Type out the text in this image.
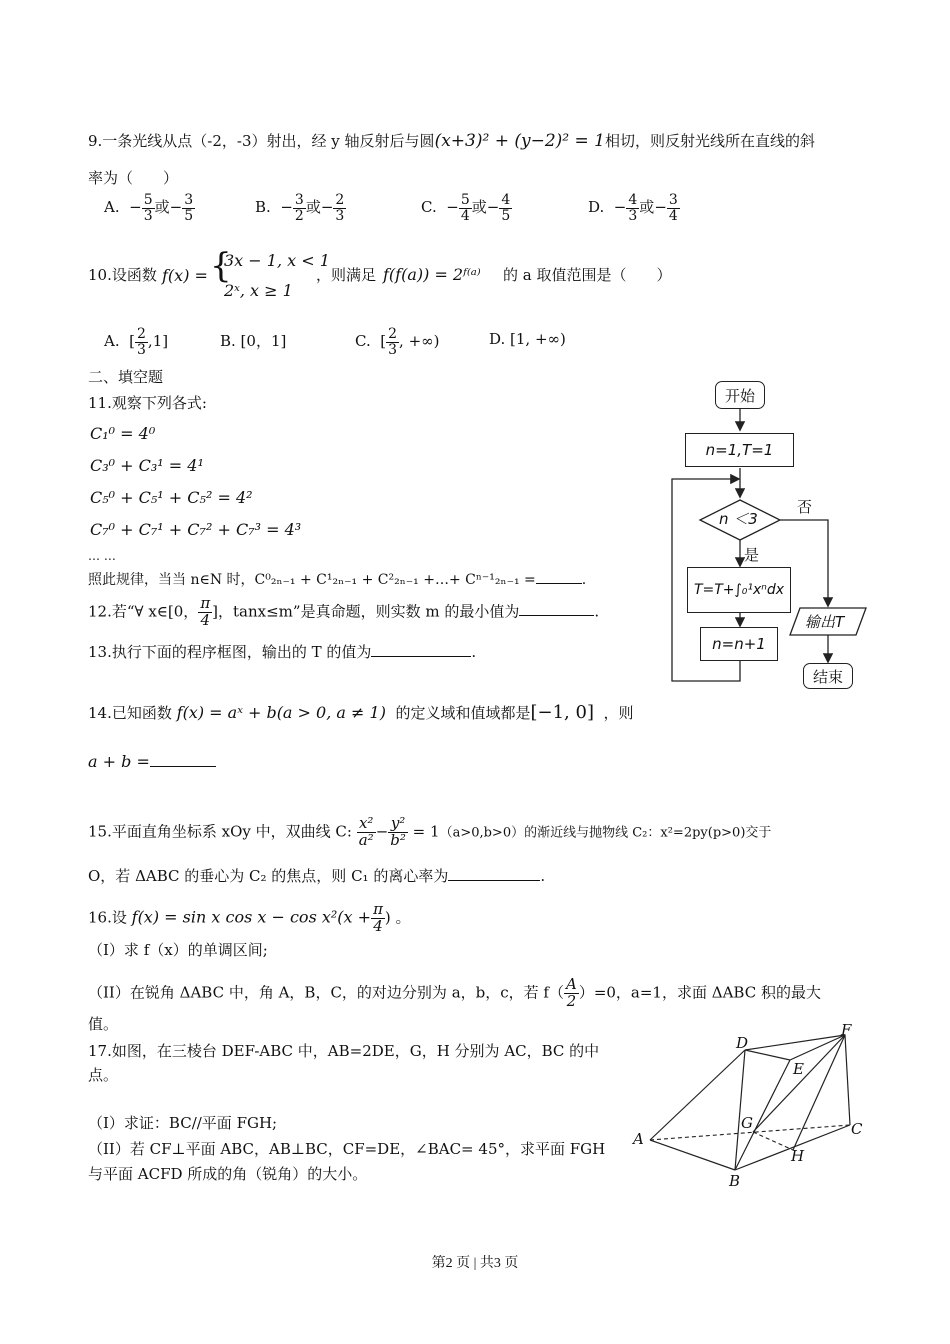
9.一条光线从点（-2，-3）射出，经 y 轴反射后与圆(x+3)² + (y−2)² = 1相切，则反射光线所在直线的斜
率为（　　）
A.  − $\frac{5}{3}$ 或− $\frac{3}{5}$	B.  − $\frac{3}{2}$ 或− $\frac{2}{3}$	C.  − $\frac{5}{4}$ 或− $\frac{4}{5}$	D.  − $\frac{4}{3}$ 或− $\frac{3}{4}$
10.设函数 f(x) = {
3x − 1, x < 1
2ˣ, x ≥ 1
，则满足 f(f(a)) = 2ᶠ⁽ᵃ⁾ 的 a 取值范围是（　　）
A.  [ $\frac{2}{3} ,1$]	B. [0，1]	C.  [ $\frac{2}{3}$ , +∞)	D. [1, +∞)
二、填空题
11.观察下列各式:
C₁⁰ = 4⁰
C₃⁰ + C₃¹ = 4¹
C₅⁰ + C₅¹ + C₅² = 4²
C₇⁰ + C₇¹ + C₇² + C₇³ = 4³
… …
照此规律，当当 n∈N 时，C⁰₂ₙ₋₁ + C¹₂ₙ₋₁ + C²₂ₙ₋₁ +…+ Cⁿ⁻¹₂ₙ₋₁ =	.
12.若“∀ x∈[0， $\frac{\pi}{4}$ ]，tanx≤m”是真命题，则实数 m 的最小值为	.
13.执行下面的程序框图，输出的 T 的值为	.
开始
n=1,T=1
n ＜3
否
是
T=T+∫₀¹xⁿdx
n=n+1
输出T
结束
14.已知函数 f(x) = aˣ + b(a > 0, a ≠ 1) 的定义域和值域都是[−1, 0] ，则
a + b =
15.平面直角坐标系 xOy 中，双曲线 C: $\frac{\text{x²}}{\text{a²}} - \frac{\text{y²}}{\text{b²}} = 1(a>0,b>0)$的渐近线与抛物线 C₂：x²=2py(p>0)交于
O，若 ΔABC 的垂心为 C₂ 的焦点，则 C₁ 的离心率为	.
16.设 f(x) = sin x $\cos x - \cos x^2(x + \frac{\pi}{4}$ ) 。
（I）求 f（x）的单调区间;
（II）在锐角 ΔABC 中，角 A，B，C，的对边分别为 a，b，c，若 $f( \frac{A}{2} )=0$，a=1，求面 ΔABC 积的最大
值。
17.如图，在三棱台 DEF-ABC 中，AB=2DE，G，H 分别为 AC，BC 的中
点。
（I）求证：BC//平面 FGH;
（II）若 CF⊥平面 ABC，AB⊥BC，CF=DE，∠BAC= 45°，求平面 FGH
与平面 ACFD 所成的角（锐角）的大小。
D
F
E
G
A
C
H
B
第2 页 | 共3 页
